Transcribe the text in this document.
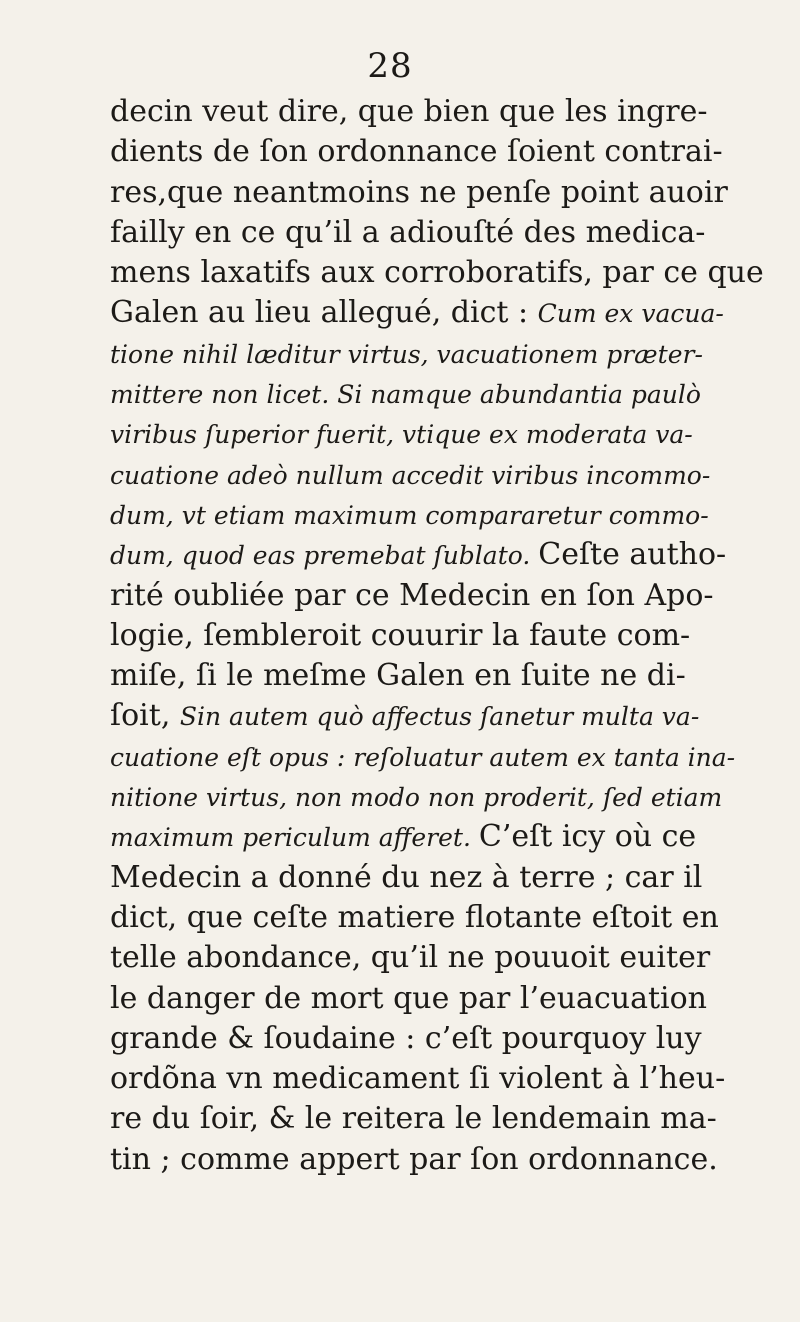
28
decin veut dire, que bien que les ingre-
dients de ſon ordonnance ſoient contrai-
res,que neantmoins ne penſe point auoir
failly en ce qu’il a adiouſté des medica-
mens laxatifs aux corroboratifs, par ce que
Galen au lieu allegué, dict : Cum ex vacua-
tione nihil læditur virtus, vacuationem præter-
mittere non licet. Si namque abundantia paulò
viribus ſuperior fuerit, vtique ex moderata va-
cuatione adeò nullum accedit viribus incommo-
dum, vt etiam maximum compararetur commo-
dum, quod eas premebat ſublato. Ceſte autho-
rité oubliée par ce Medecin en ſon Apo-
logie, ſembleroit couurir la faute com-
miſe, ſi le meſme Galen en ſuite ne di-
ſoit, Sin autem quò affectus ſanetur multa va-
cuatione eſt opus : reſoluatur autem ex tanta ina-
nitione virtus, non modo non proderit, ſed etiam
maximum periculum afferet. C’eſt icy où ce
Medecin a donné du nez à terre ; car il
dict, que ceſte matiere flotante eſtoit en
telle abondance, qu’il ne pouuoit euiter
le danger de mort que par l’euacuation
grande & ſoudaine : c’eſt pourquoy luy
ordõna vn medicament ſi violent à l’heu-
re du ſoir, & le reitera le lendemain ma-
tin ; comme appert par ſon ordonnance.
